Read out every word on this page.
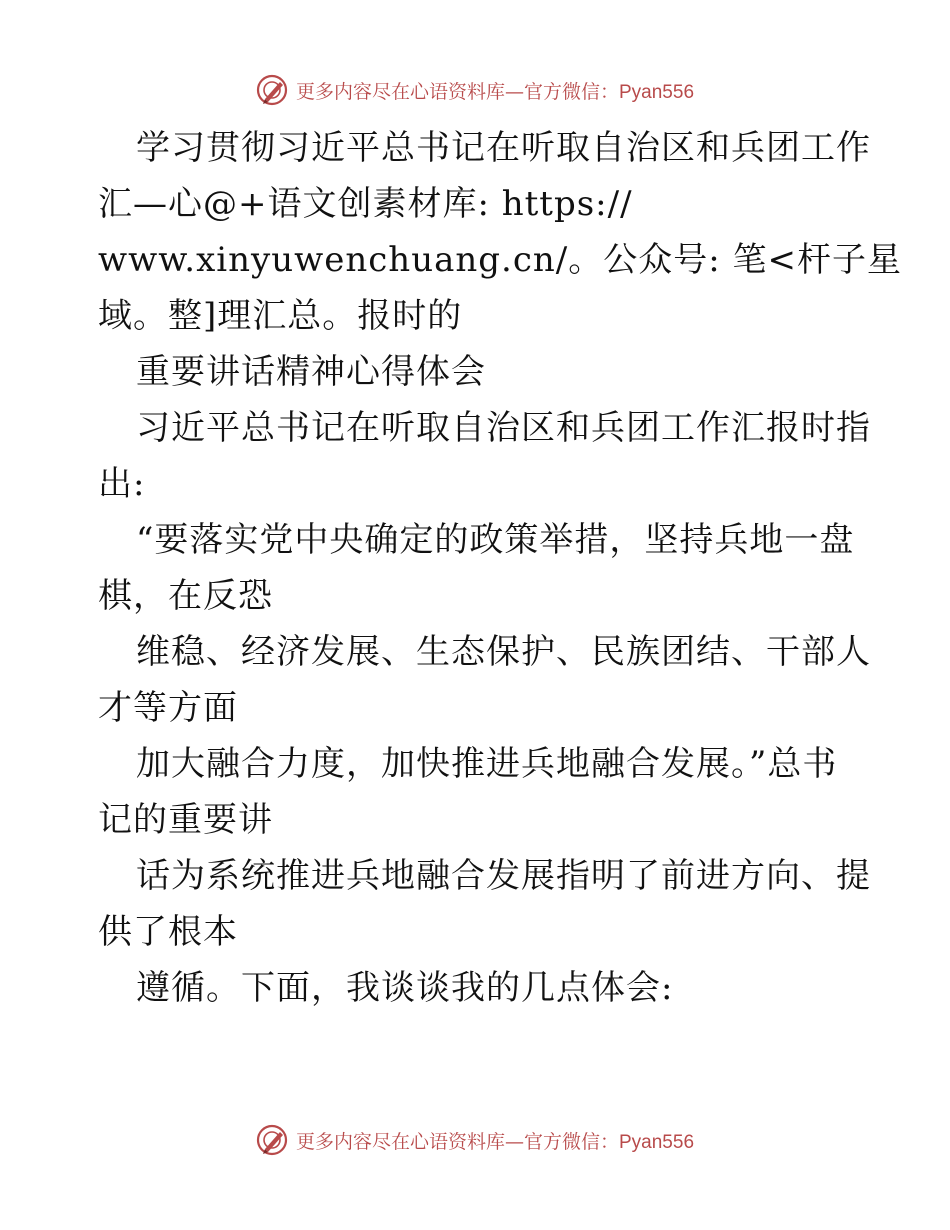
更多内容尽在心语资料库—官方微信：Pyan556
学习贯彻习近平总书记在听取自治区和兵团工作
汇—心@+语文创素材库: https://
www.xinyuwenchuang.cn/。公众号: 笔<杆子星
域。整]理汇总。报时的
重要讲话精神心得体会
习近平总书记在听取自治区和兵团工作汇报时指
出:
“要落实党中央确定的政策举措，坚持兵地一盘
棋，在反恐
维稳、经济发展、生态保护、民族团结、干部人
才等方面
加大融合力度，加快推进兵地融合发展。”总书
记的重要讲
话为系统推进兵地融合发展指明了前进方向、提
供了根本
遵循。下面，我谈谈我的几点体会:
更多内容尽在心语资料库—官方微信：Pyan556
